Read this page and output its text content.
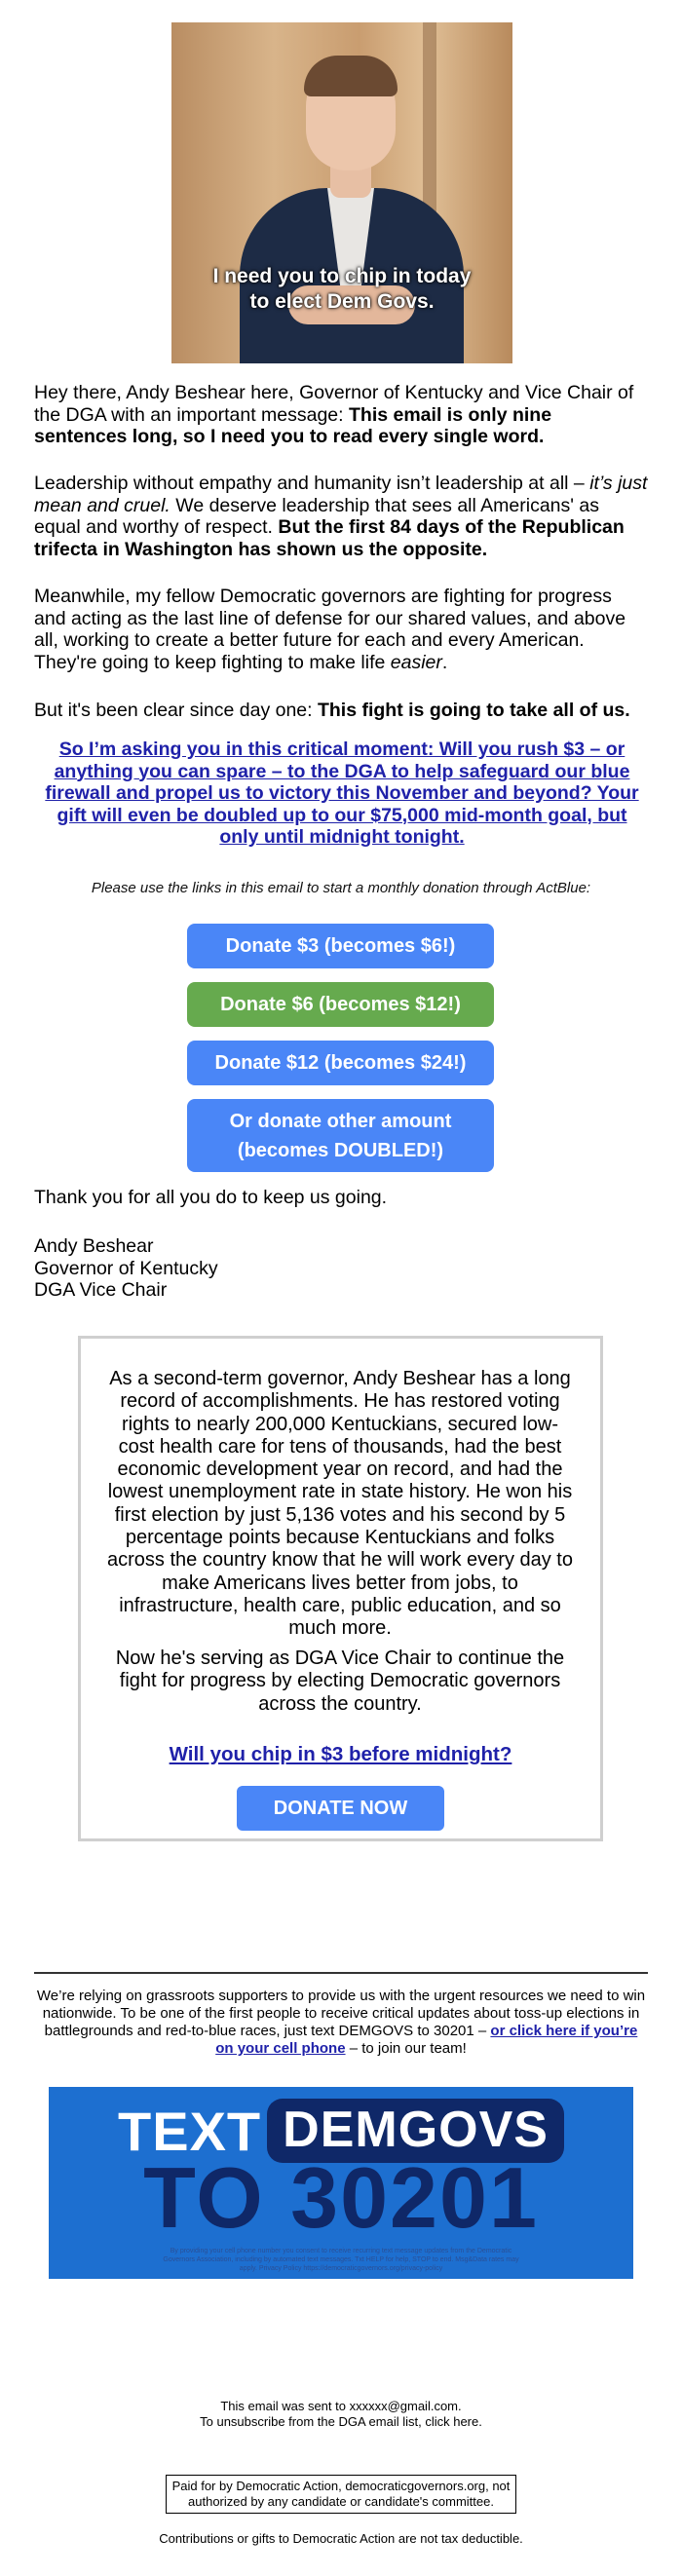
I need you to chip in today
to elect Dem Govs.
Hey there, Andy Beshear here, Governor of Kentucky and Vice Chair of the DGA with an important message: This email is only nine sentences long, so I need you to read every single word.
Leadership without empathy and humanity isn’t leadership at all – it’s just mean and cruel. We deserve leadership that sees all Americans' as equal and worthy of respect. But the first 84 days of the Republican trifecta in Washington has shown us the opposite.
Meanwhile, my fellow Democratic governors are fighting for progress and acting as the last line of defense for our shared values, and above all, working to create a better future for each and every American. They're going to keep fighting to make life easier.
But it's been clear since day one: This fight is going to take all of us.
So I’m asking you in this critical moment: Will you rush $3 – or anything you can spare – to the DGA to help safeguard our blue firewall and propel us to victory this November and beyond? Your gift will even be doubled up to our $75,000 mid-month goal, but only until midnight tonight.
Please use the links in this email to start a monthly donation through ActBlue:
Donate $3 (becomes $6!)
Donate $6 (becomes $12!)
Donate $12 (becomes $24!)
Or donate other amount
(becomes DOUBLED!)
Thank you for all you do to keep us going.
Andy Beshear
Governor of Kentucky
DGA Vice Chair
As a second-term governor, Andy Beshear has a long record of accomplishments. He has restored voting rights to nearly 200,000 Kentuckians, secured low-cost health care for tens of thousands, had the best economic development year on record, and had the lowest unemployment rate in state history. He won his first election by just 5,136 votes and his second by 5 percentage points because Kentuckians and folks across the country know that he will work every day to make Americans lives better from jobs, to infrastructure, health care, public education, and so much more.
Now he's serving as DGA Vice Chair to continue the fight for progress by electing Democratic governors across the country.
Will you chip in $3 before midnight?
DONATE NOW
We’re relying on grassroots supporters to provide us with the urgent resources we need to win nationwide. To be one of the first people to receive critical updates about toss-up elections in battlegrounds and red-to-blue races, just text DEMGOVS to 30201 – or click here if you’re on your cell phone – to join our team!
TEXT DEMGOVS
TO 30201
By providing your cell phone number you consent to receive recurring text message updates from the Democratic Governors Association, including by automated text messages. Txt HELP for help, STOP to end. Msg&Data rates may apply. Privacy Policy https://democraticgovernors.org/privacy-policy
This email was sent to xxxxxx@gmail.com.
To unsubscribe from the DGA email list, click here.
Paid for by Democratic Action, democraticgovernors.org, not authorized by any candidate or candidate's committee.
Contributions or gifts to Democratic Action are not tax deductible.
